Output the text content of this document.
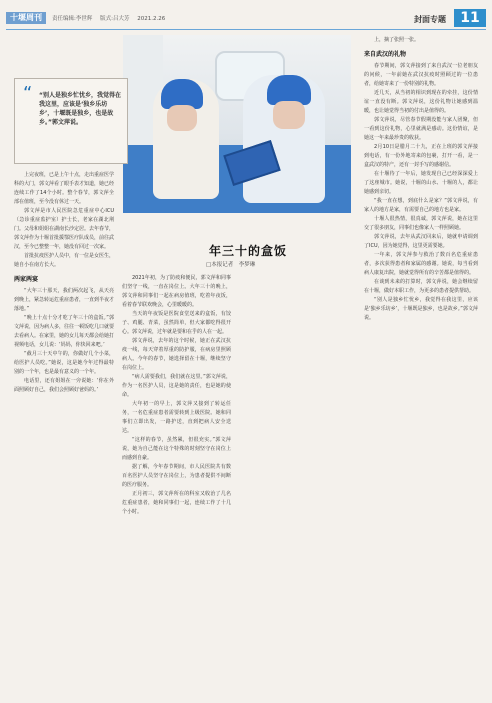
十堰周刊	责任编辑:李世辉 版式:吕大芳 2021.2.26	封面专题	11
“ “别人是独乡忙忧乡，我觉得在我这里，应该是‘独乡乐坊乡’，十堰既是独乡，也是故乡。”郭文萍说。
年三十的盒饭
□本报记者　李梦琳

上完夜班，已是上午十点，走出重症医学科的大门，郭文萍看了眼手表才知道，她已经连续工作了14个小时。整个春节，郭文萍全部在值班，至今没有休过一天。

郭文萍是市人民医院急危重症中心ICU（急诊重症监护室）护士长，老家在湖北荆门。父母和姐姐在湖南长沙定居。去年春节，郭文萍作为十堰首批援鄂医疗队成员，前往武汉，至今已整整一年，她没有回过一次家。

首批抗疫医护人员中，有一位是女医生，她自小在南方长大。

两家两宴

“大年三十那天，我们两次起飞，从天亮到晚上，紧急转运危重症患者，一直到半夜才落地。”

“晚上十点十分才吃了年三十的盒饭。”郭文萍说，因为病人多，往往一顿饭吃几口就要去看病人。在家里，她的女儿每天都会给她打视频电话，女儿说：‘妈妈，你快回来吧。’

“截月三十天中午的，你做好几个小菜，给医护人员吃。”她说，这是她今年过得最特别的一个年，也是最有意义的一个年。

电话里，还有姐姐在一旁说她：‘你在外面照顾好自己，我们会照顾好爸妈的。’

2021年初，为了防疫和便民，郭文萍和同事们坚守一线，一直在岗位上。大年三十的晚上，郭文萍和同事们一起在病房值班，吃着年夜饭，看着春节联欢晚会，心里暖暖的。

当天的年夜饭是医院食堂送来的盒饭，有饺子、鸡腿、青菜，虽然简单，但大家都吃得很开心。郭文萍说，过年就是要和在乎的人在一起。

郭文萍说，去年的这个时候，她正在武汉抗疫一线，每天穿着厚重的防护服，在病房里照顾病人。今年的春节，她选择留在十堰，继续坚守在岗位上。

“病人需要我们，我们就在这里。”郭文萍说，作为一名医护人员，这是她的责任，也是她的使命。

大年初一的早上，郭文萍又接到了转运任务，一名危重症患者需要转到上级医院。她和同事们立即出发，一路护送，直到把病人安全送达。

“这样的春节，虽然累，但很充实。”郭文萍说，她为自己能在这个特殊的时刻坚守在岗位上而感到自豪。

据了解，今年春节期间，市人民医院共有数百名医护人员坚守在岗位上，为患者提供不间断的医疗服务。

正月初三，郭文萍所在的科室又收治了几名危重症患者，她和同事们一起，连续工作了十几个小时。

上，摘了张照一张。

来自武汉的礼物

春节期间，郭文萍接到了来自武汉一位老朋友的问候，一年前她在武汉抗疫时照顾过的一位患者，给她寄来了一份特别的礼物。

近几天，从当初的相识到现在的牵挂，这份情谊一直没有断。郭文萍说，这份礼物让她感到温暖，也让她觉得当初的付出是值得的。

郭文萍说，尽管春节假期没能与家人团聚，但一看到这份礼物，心里就满是感动。这份情谊，是她这一年来最珍贵的收获。

2月10日是腊月二十九，正在上班的郭文萍接到电话，有一份外地寄来的包裹，打开一看，是一盒武汉的特产，还有一封手写的感谢信。

在十堰待了一年后，她发现自己已经深深爱上了这座城市。她说，十堰的山水、十堰的人，都让她感到亲切。

“我一直在想，到底什么是家？”郭文萍说，有家人的地方是家，有需要自己的地方也是家。

十堰人很热情，很真诚，郭文萍说，她在这里交了很多朋友，同事们也像家人一样照顾她。

郭文萍说，去年从武汉回来后，她就申请调到了ICU，因为她觉得，这里更需要她。

一年来，郭文萍参与救治了数百名危重症患者，多次获得患者和家属的感谢。她说，每当看到病人康复出院，她就觉得所有的辛苦都是值得的。

在谈到未来的打算时，郭文萍说，她会继续留在十堰，做好本职工作，为更多的患者提供帮助。

“别人是独乡忙忧乡，我觉得在我这里，应该是‘独乡乐坊乡’，十堰既是独乡，也是故乡。”郭文萍说。
